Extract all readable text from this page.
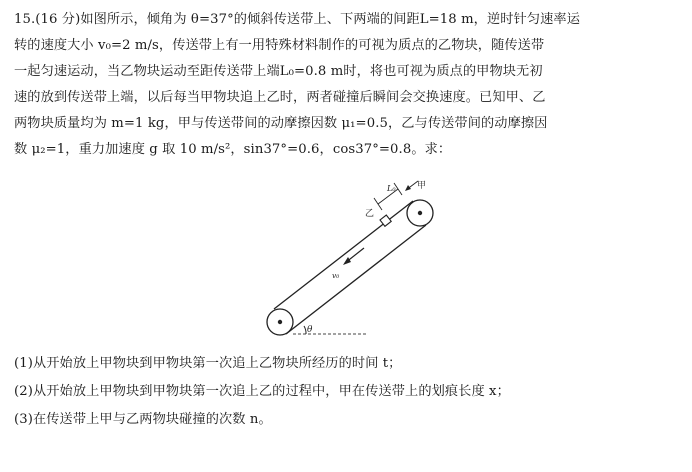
15.(16 分)如图所示，倾角为 θ=37°的倾斜传送带上、下两端的间距L=18 m，逆时针匀速率运
转的速度大小 v₀=2 m/s，传送带上有一用特殊材料制作的可视为质点的乙物块，随传送带
一起匀速运动，当乙物块运动至距传送带上端L₀=0.8 m时，将也可视为质点的甲物块无初
速的放到传送带上端，以后每当甲物块追上乙时，两者碰撞后瞬间会交换速度。已知甲、乙
两物块质量均为 m=1 kg，甲与传送带间的动摩擦因数 μ₁=0.5，乙与传送带间的动摩擦因
数 μ₂=1，重力加速度 g 取 10 m/s²，sin37°=0.6，cos37°=0.8。求：
θ
v₀
乙
L₀ 甲
(1)从开始放上甲物块到甲物块第一次追上乙物块所经历的时间 t；
(2)从开始放上甲物块到甲物块第一次追上乙的过程中，甲在传送带上的划痕长度 x；
(3)在传送带上甲与乙两物块碰撞的次数 n。
